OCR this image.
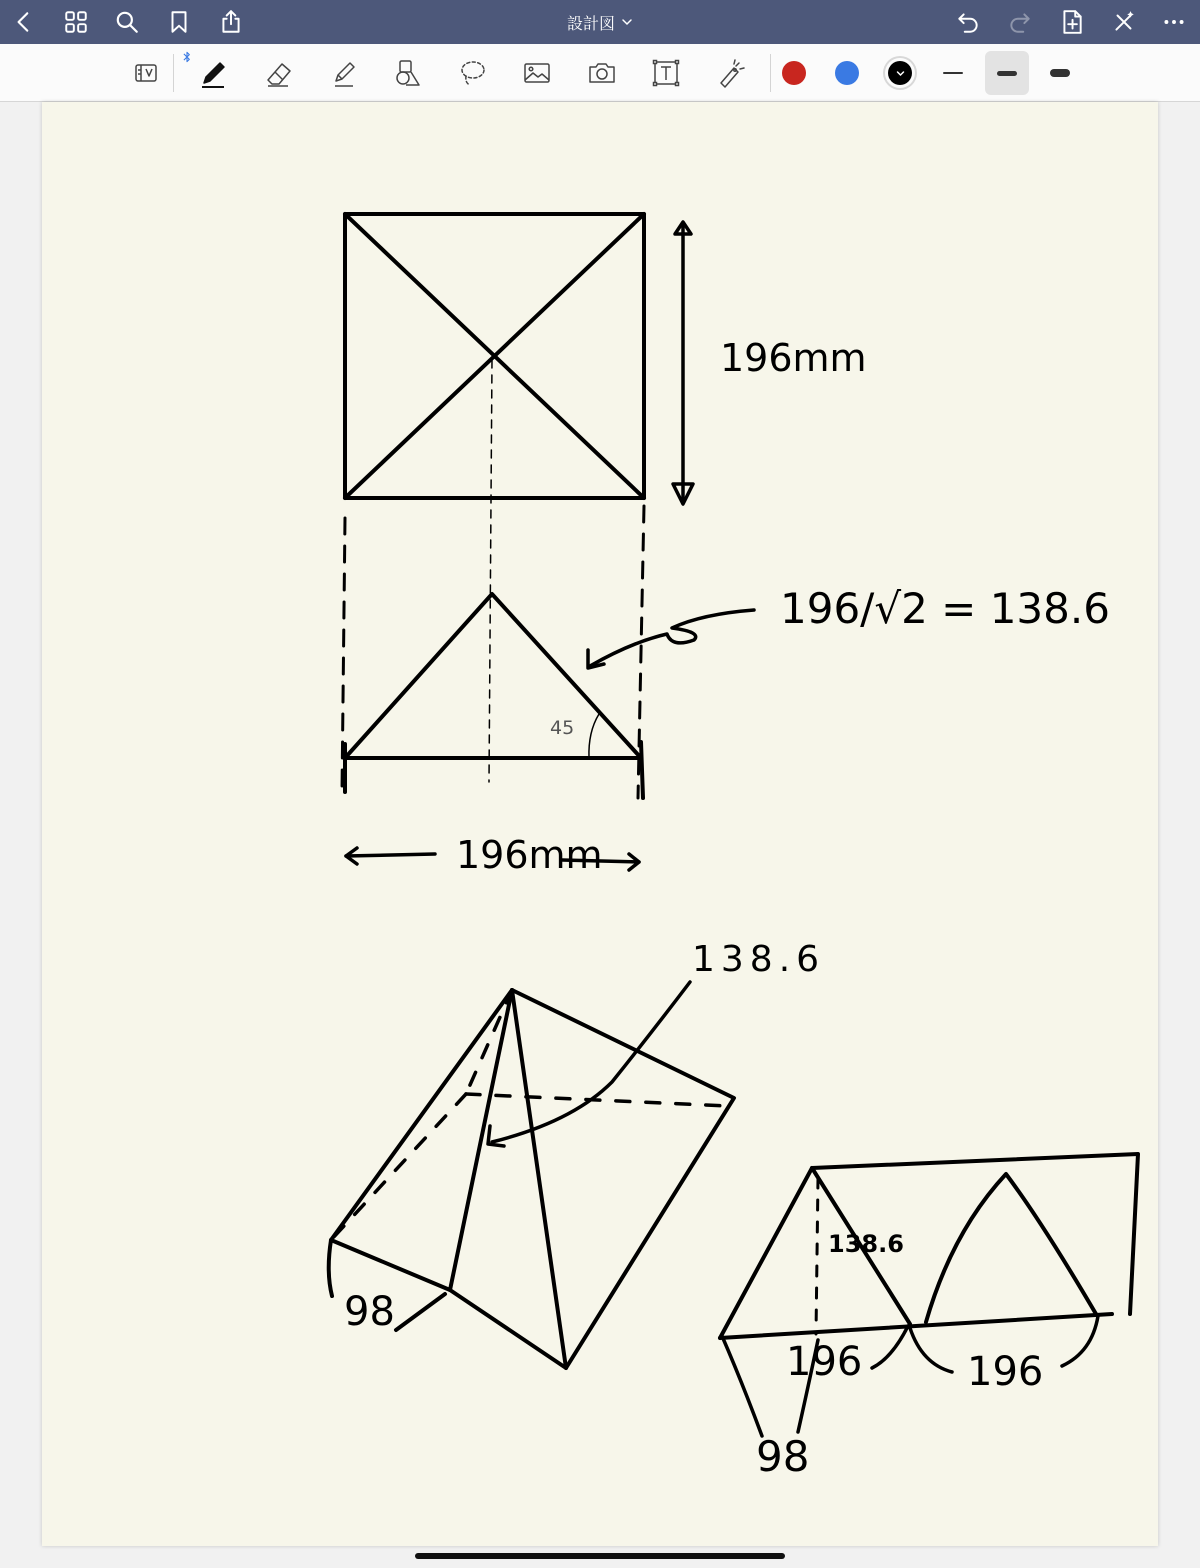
設計図
196mm
196/√2 = 138.6
45
196mm
138.6
98
138.6
196	196
98
